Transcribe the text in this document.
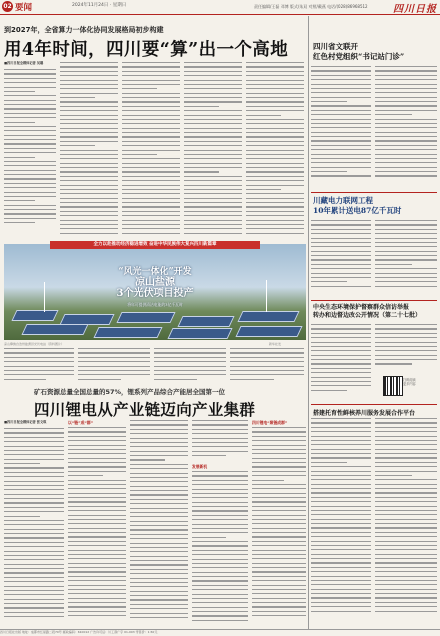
02 要闻	2024年11月24日 · 星期日	责任编辑/王磊 邓博 版式/朱双 对照/戴燕 电话/(028)86968512	四川日报
到2027年，全省算力一体化协同发展格局初步构建
用4年时间，四川要“算”出一个高地
■四川日报全媒体记者 吴聃
“风光一体化”开发
凉山盐源
3个光伏项目投产
将年可提供清洁电能约3亿千瓦时
全力以赴推动经济稳进增效 奋进中华民族伟大复兴四川新篇章
凉山彝族自治州盐源县光伏电站（资料图片）	新华社发
矿石资源总量全国总量的57%，锂系列产品综合产能居全国第一位
四川锂电从产业链迈向产业集群
■四川日报全媒体记者 张文琪	以“链”成“群”
发展新机
四川锂电“聚链成群”
四川省文联开
红色村党组织“书记站门诊”
川藏电力联网工程
10年累计送电87亿千瓦时
中央生态环境保护督察群众信访举报
转办和边督边改公开情况（第二十七批）
扫码阅读
更多内容
搭建托育性鲜核养川服务发展合作平台
四川日报社出版 地址：成都市红星路二段70号 邮政编码：610012 广告许可证：川工商广字 01-003 零售价：1.50元
